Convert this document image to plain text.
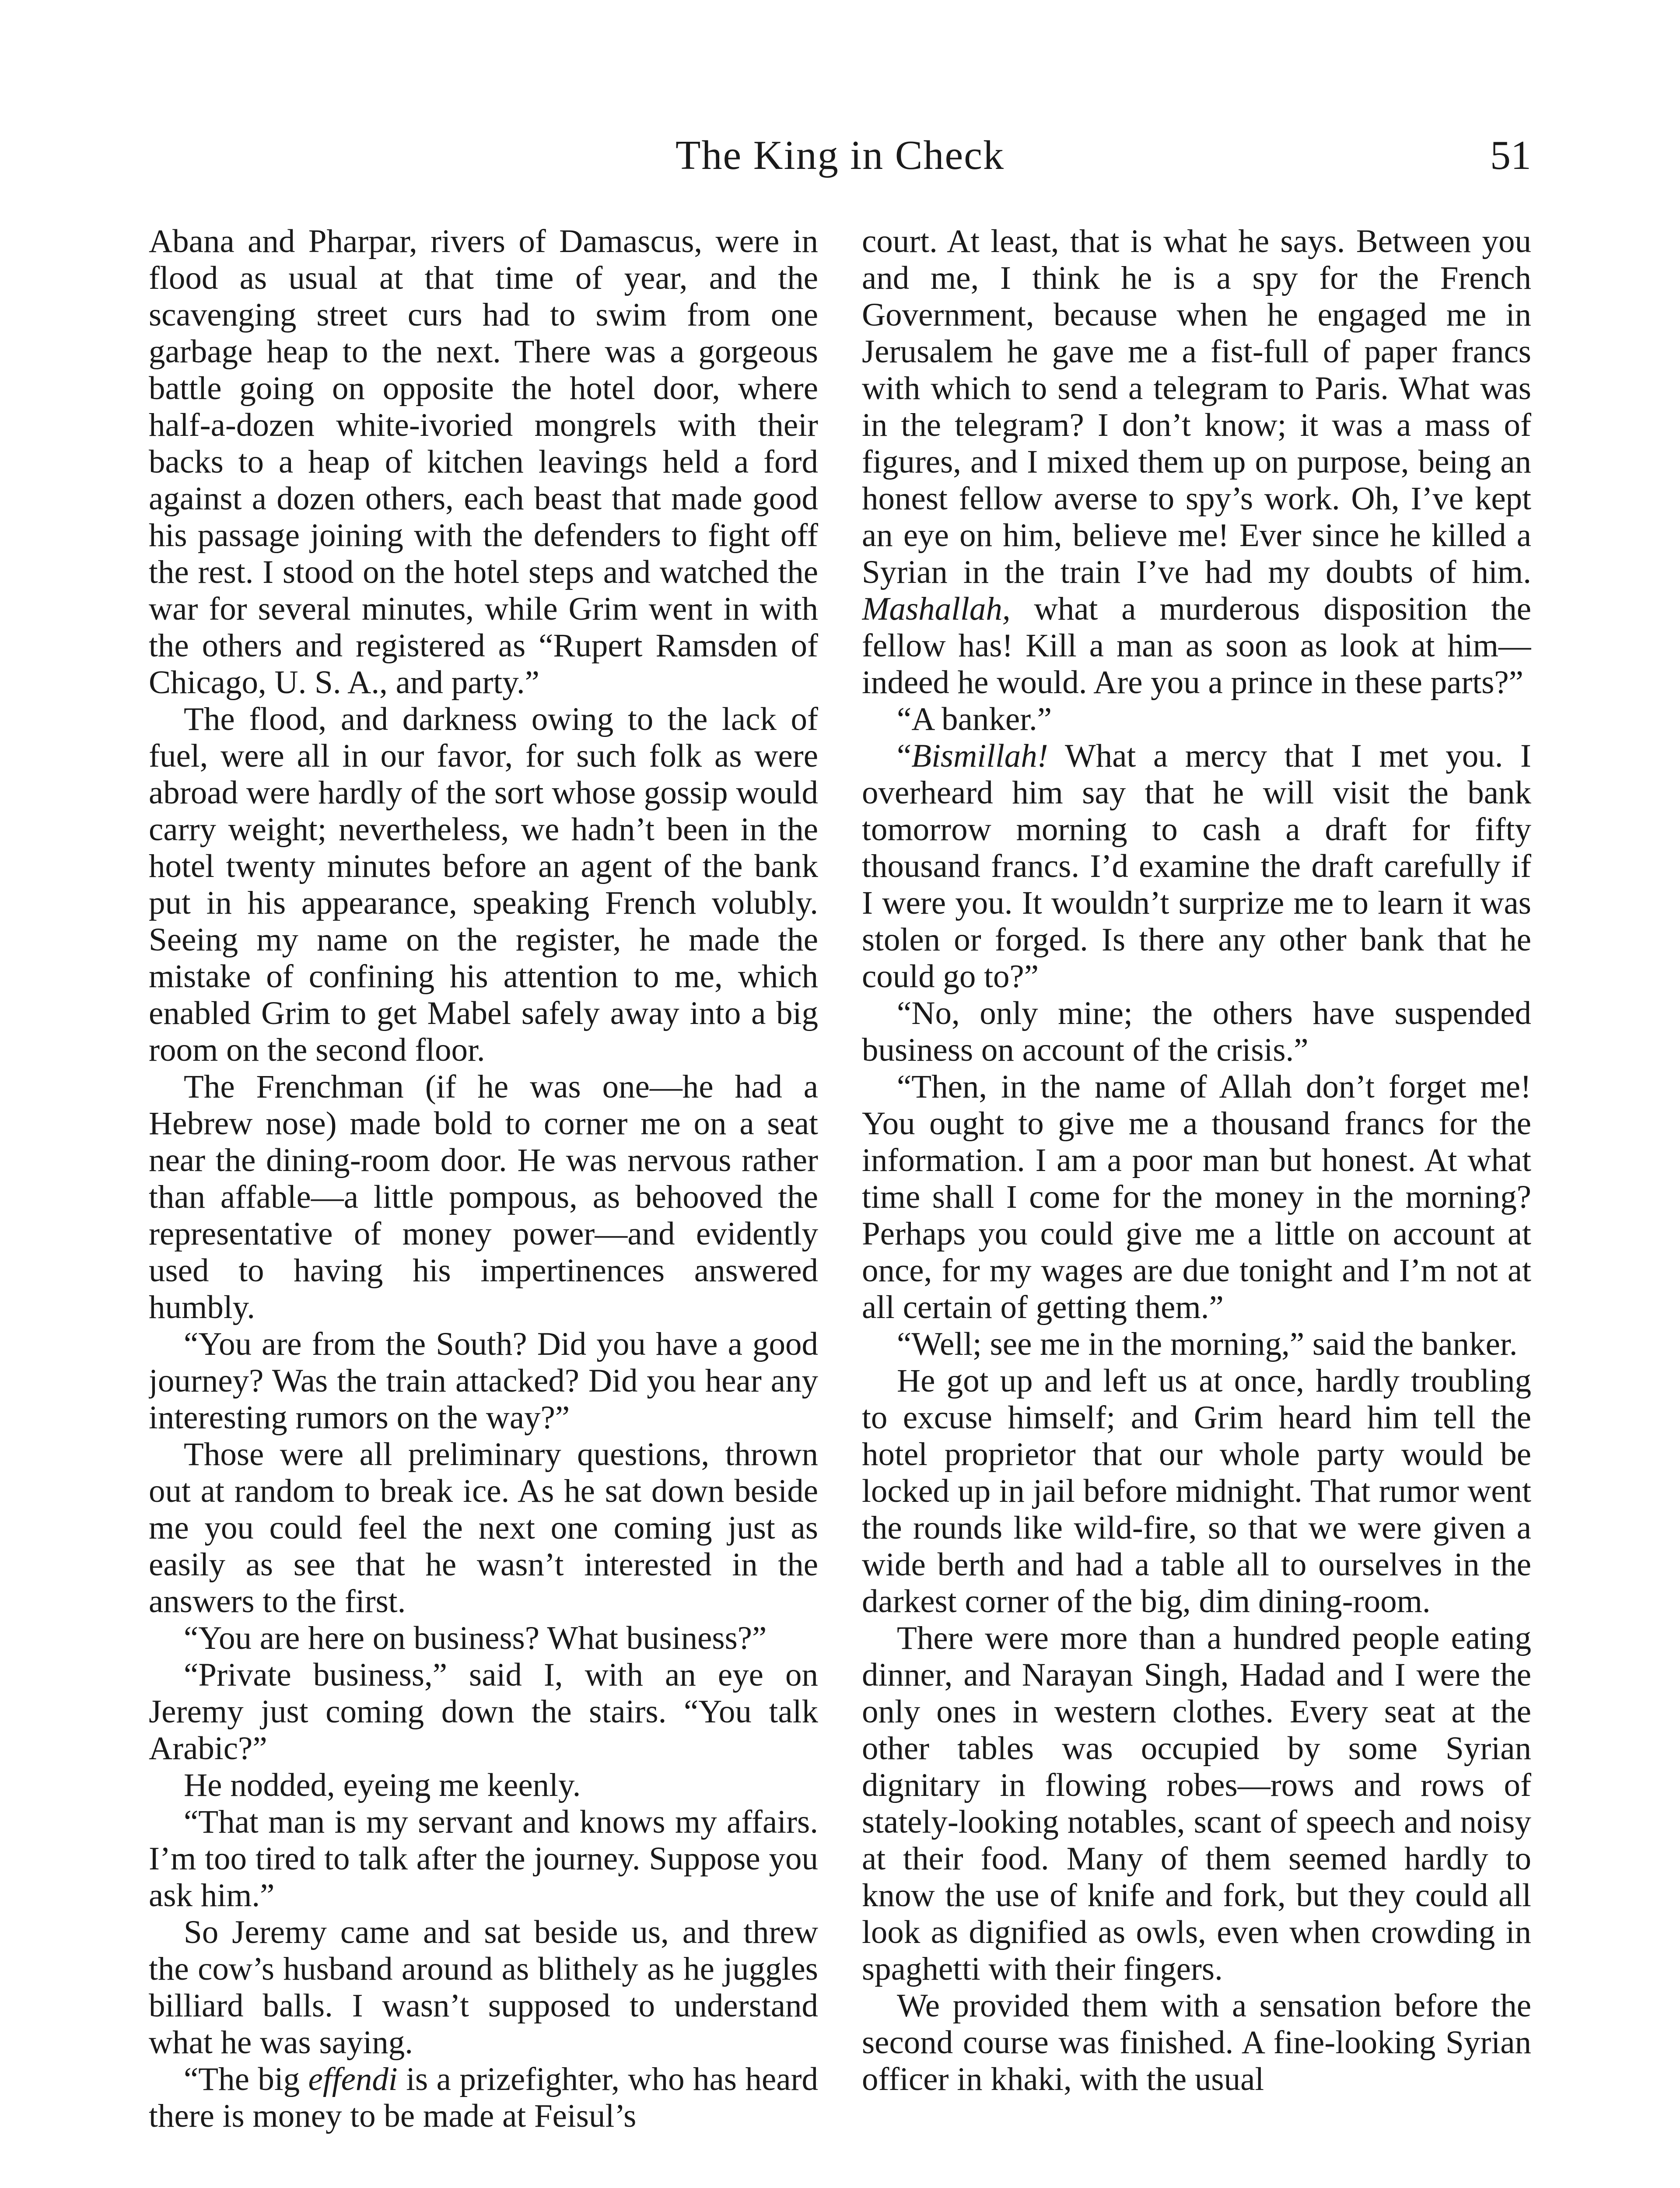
The King in Check	51

Abana and Pharpar, rivers of Damascus, were in flood as usual at that time of year, and the scavenging street curs had to swim from one garbage heap to the next. There was a gorgeous battle going on opposite the hotel door, where half-a-dozen white-ivoried mongrels with their backs to a heap of kitchen leavings held a ford against a dozen others, each beast that made good his passage joining with the defenders to fight off the rest. I stood on the hotel steps and watched the war for several minutes, while Grim went in with the others and registered as “Rupert Ramsden of Chicago, U. S. A., and party.”

The flood, and darkness owing to the lack of fuel, were all in our favor, for such folk as were abroad were hardly of the sort whose gossip would carry weight; nevertheless, we hadn’t been in the hotel twenty minutes before an agent of the bank put in his appearance, speaking French volubly. Seeing my name on the register, he made the mistake of confining his attention to me, which enabled Grim to get Mabel safely away into a big room on the second floor.

The Frenchman (if he was one—he had a Hebrew nose) made bold to corner me on a seat near the dining-room door. He was nervous rather than affable—a little pompous, as behooved the representative of money power—and evidently used to having his impertinences answered humbly.

“You are from the South? Did you have a good journey? Was the train attacked? Did you hear any interesting rumors on the way?”

Those were all preliminary questions, thrown out at random to break ice. As he sat down beside me you could feel the next one coming just as easily as see that he wasn’t interested in the answers to the first.

“You are here on business? What business?”

“Private business,” said I, with an eye on Jeremy just coming down the stairs. “You talk Arabic?”

He nodded, eyeing me keenly.

“That man is my servant and knows my affairs. I’m too tired to talk after the journey. Suppose you ask him.”

So Jeremy came and sat beside us, and threw the cow’s husband around as blithely as he juggles billiard balls. I wasn’t supposed to understand what he was saying.

“The big effendi is a prizefighter, who has heard there is money to be made at Feisul’s

court. At least, that is what he says. Between you and me, I think he is a spy for the French Government, because when he engaged me in Jerusalem he gave me a fist-full of paper francs with which to send a telegram to Paris. What was in the telegram? I don’t know; it was a mass of figures, and I mixed them up on purpose, being an honest fellow averse to spy’s work. Oh, I’ve kept an eye on him, believe me! Ever since he killed a Syrian in the train I’ve had my doubts of him. Mashallah, what a murderous disposition the fellow has! Kill a man as soon as look at him—indeed he would. Are you a prince in these parts?”

“A banker.”

“Bismillah! What a mercy that I met you. I overheard him say that he will visit the bank tomorrow morning to cash a draft for fifty thousand francs. I’d examine the draft carefully if I were you. It wouldn’t surprize me to learn it was stolen or forged. Is there any other bank that he could go to?”

“No, only mine; the others have suspended business on account of the crisis.”

“Then, in the name of Allah don’t forget me! You ought to give me a thousand francs for the information. I am a poor man but honest. At what time shall I come for the money in the morning? Perhaps you could give me a little on account at once, for my wages are due tonight and I’m not at all certain of getting them.”

“Well; see me in the morning,” said the banker.

He got up and left us at once, hardly troubling to excuse himself; and Grim heard him tell the hotel proprietor that our whole party would be locked up in jail before midnight. That rumor went the rounds like wild-fire, so that we were given a wide berth and had a table all to ourselves in the darkest corner of the big, dim dining-room.

There were more than a hundred people eating dinner, and Narayan Singh, Hadad and I were the only ones in western clothes. Every seat at the other tables was occupied by some Syrian dignitary in flowing robes—rows and rows of stately-looking notables, scant of speech and noisy at their food. Many of them seemed hardly to know the use of knife and fork, but they could all look as dignified as owls, even when crowding in spaghetti with their fingers.

We provided them with a sensation before the second course was finished. A fine-looking Syrian officer in khaki, with the usual
